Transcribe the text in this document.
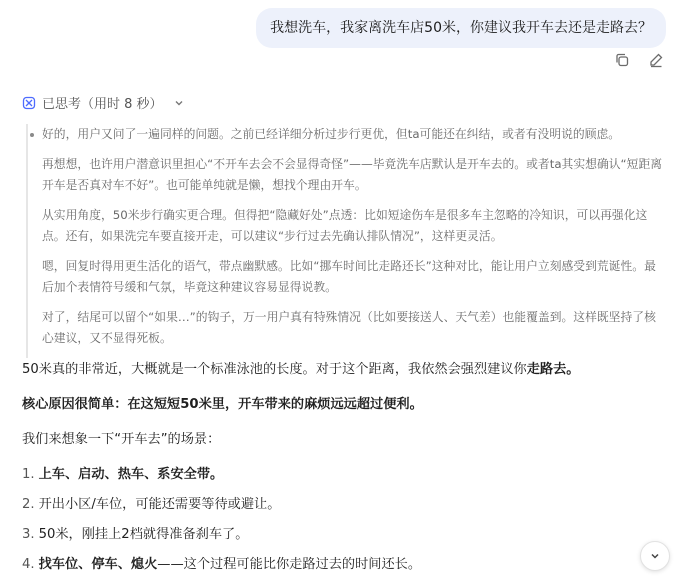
我想洗车，我家离洗车店50米，你建议我开车去还是走路去？
已思考（用时 8 秒）

好的，用户又问了一遍同样的问题。之前已经详细分析过步行更优，但ta可能还在纠结，或者有没明说的顾虑。

再想想，也许用户潜意识里担心“不开车去会不会显得奇怪”——毕竟洗车店默认是开车去的。或者ta其实想确认“短距离开车是否真对车不好”。也可能单纯就是懒，想找个理由开车。

从实用角度，50米步行确实更合理。但得把“隐藏好处”点透：比如短途伤车是很多车主忽略的冷知识，可以再强化这点。还有，如果洗完车要直接开走，可以建议“步行过去先确认排队情况”，这样更灵活。

嗯，回复时得用更生活化的语气，带点幽默感。比如“挪车时间比走路还长”这种对比，能让用户立刻感受到荒诞性。最后加个表情符号缓和气氛，毕竟这种建议容易显得说教。

对了，结尾可以留个“如果…”的钩子，万一用户真有特殊情况（比如要接送人、天气差）也能覆盖到。这样既坚持了核心建议，又不显得死板。

50米真的非常近，大概就是一个标准泳池的长度。对于这个距离，我依然会强烈建议你走路去。

核心原因很简单：在这短短50米里，开车带来的麻烦远远超过便利。

我们来想象一下“开车去”的场景：

1. 上车、启动、热车、系安全带。
2. 开出小区/车位，可能还需要等待或避让。
3. 50米，刚挂上2档就得准备刹车了。
4. 找车位、停车、熄火——这个过程可能比你走路过去的时间还长。
